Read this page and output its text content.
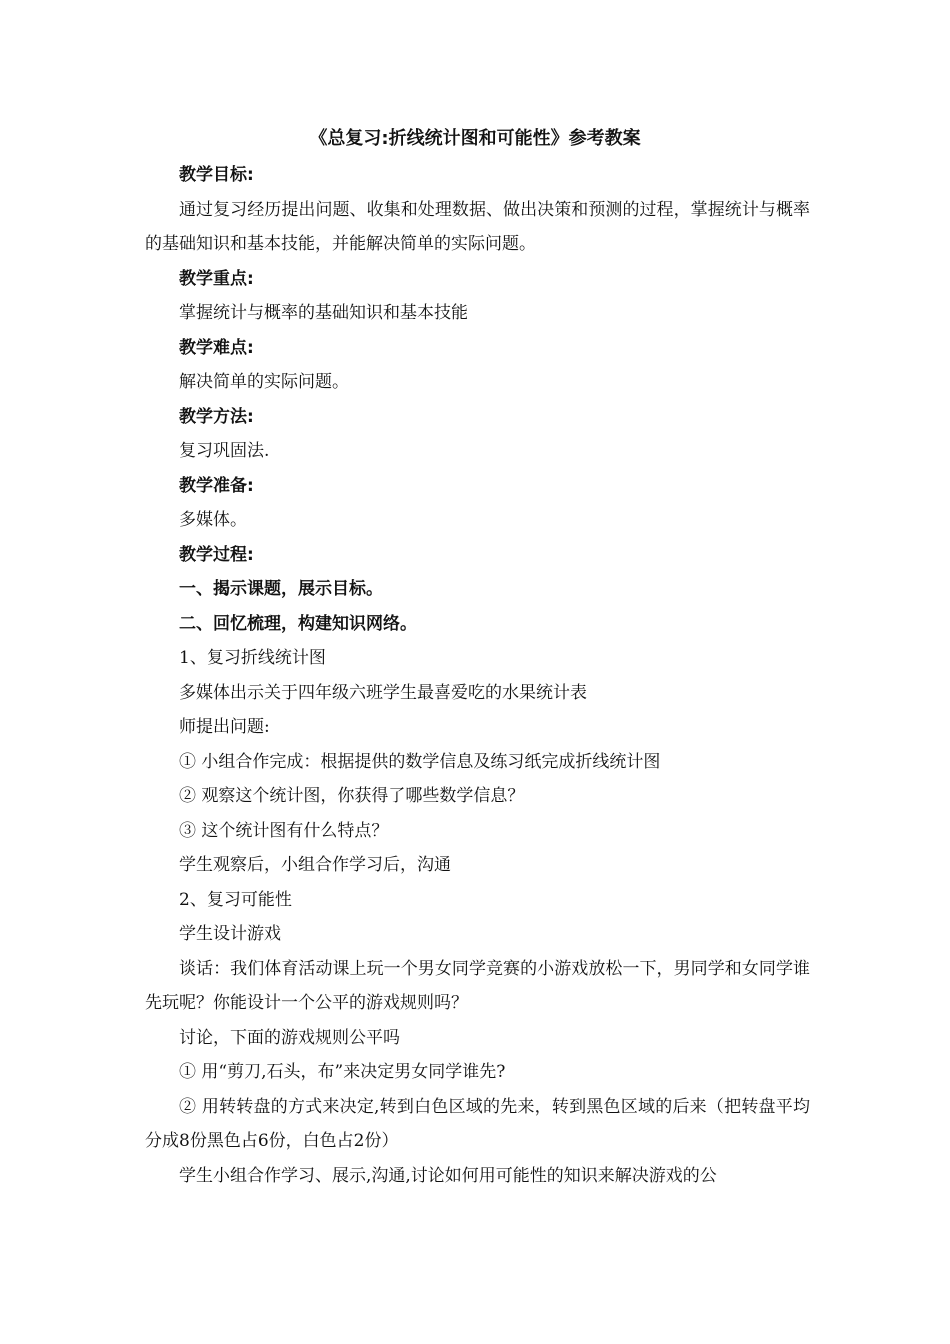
《总复习:折线统计图和可能性》参考教案

教学目标:

通过复习经历提出问题、收集和处理数据、做出决策和预测的过程，掌握统计与概率的基础知识和基本技能，并能解决简单的实际问题。

教学重点:

掌握统计与概率的基础知识和基本技能

教学难点:

解决简单的实际问题。

教学方法:

复习巩固法.

教学准备:

多媒体。

教学过程:

一、揭示课题，展示目标。

二、回忆梳理，构建知识网络。

1、复习折线统计图

多媒体出示关于四年级六班学生最喜爱吃的水果统计表

师提出问题:

① 小组合作完成：根据提供的数学信息及练习纸完成折线统计图

② 观察这个统计图，你获得了哪些数学信息？

③ 这个统计图有什么特点？

学生观察后，小组合作学习后，沟通

2、复习可能性

学生设计游戏

谈话：我们体育活动课上玩一个男女同学竞赛的小游戏放松一下，男同学和女同学谁先玩呢？你能设计一个公平的游戏规则吗？

讨论，下面的游戏规则公平吗

① 用“剪刀,石头，布”来决定男女同学谁先?

② 用转转盘的方式来决定,转到白色区域的先来，转到黑色区域的后来（把转盘平均分成8份黑色占6份，白色占2份）

学生小组合作学习、展示,沟通,讨论如何用可能性的知识来解决游戏的公
